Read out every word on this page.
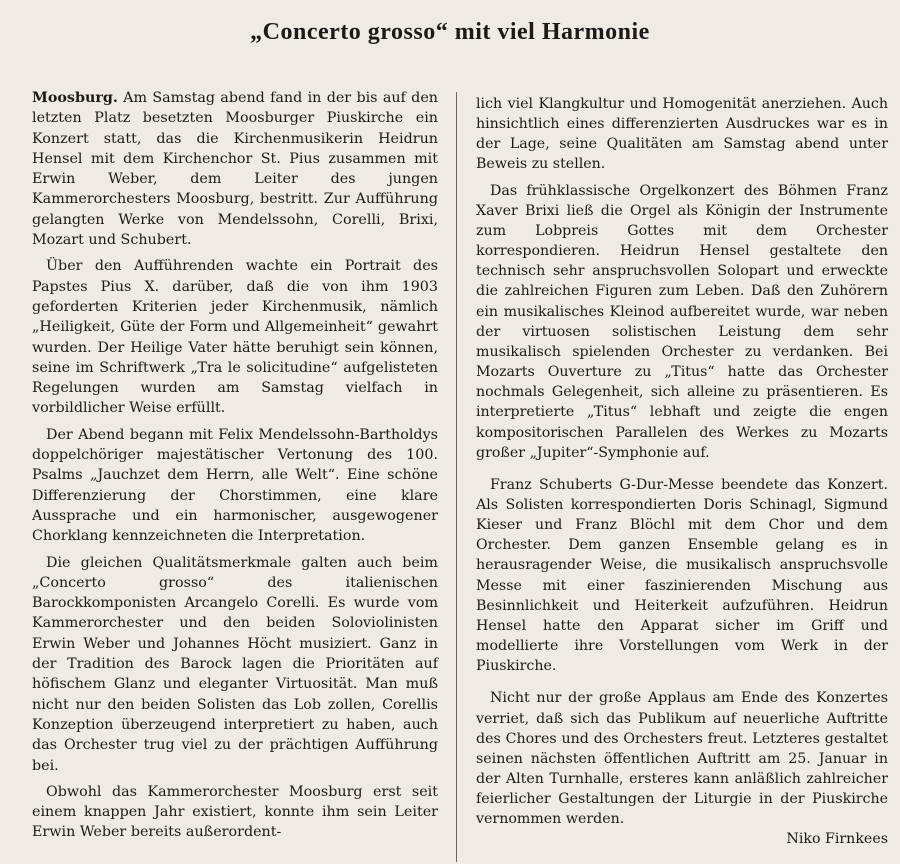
„Concerto grosso“ mit viel Harmonie

Moosburg. Am Samstag abend fand in der bis auf den letzten Platz besetzten Moosburger Piuskirche ein Konzert statt, das die Kirchenmusikerin Heidrun Hensel mit dem Kirchenchor St. Pius zusammen mit Erwin Weber, dem Leiter des jungen Kammerorchesters Moosburg, bestritt. Zur Aufführung gelangten Werke von Mendelssohn, Corelli, Brixi, Mozart und Schubert.

Über den Aufführenden wachte ein Portrait des Papstes Pius X. darüber, daß die von ihm 1903 geforderten Kriterien jeder Kirchenmusik, nämlich „Heiligkeit, Güte der Form und Allgemeinheit“ gewahrt wurden. Der Heilige Vater hätte beruhigt sein können, seine im Schriftwerk „Tra le solicitudine“ aufgelisteten Regelungen wurden am Samstag vielfach in vorbildlicher Weise erfüllt.

Der Abend begann mit Felix Mendelssohn-Bartholdys doppelchöriger majestätischer Vertonung des 100. Psalms „Jauchzet dem Herrn, alle Welt“. Eine schöne Differenzierung der Chorstimmen, eine klare Aussprache und ein harmonischer, ausgewogener Chorklang kennzeichneten die Interpretation.

Die gleichen Qualitätsmerkmale galten auch beim „Concerto grosso“ des italienischen Barockkomponisten Arcangelo Corelli. Es wurde vom Kammerorchester und den beiden Soloviolinisten Erwin Weber und Johannes Höcht musiziert. Ganz in der Tradition des Barock lagen die Prioritäten auf höfischem Glanz und eleganter Virtuosität. Man muß nicht nur den beiden Solisten das Lob zollen, Corellis Konzeption überzeugend interpretiert zu haben, auch das Orchester trug viel zu der prächtigen Aufführung bei.

Obwohl das Kammerorchester Moosburg erst seit einem knappen Jahr existiert, konnte ihm sein Leiter Erwin Weber bereits außerordent-

lich viel Klangkultur und Homogenität anerziehen. Auch hinsichtlich eines differenzierten Ausdruckes war es in der Lage, seine Qualitäten am Samstag abend unter Beweis zu stellen.

Das frühklassische Orgelkonzert des Böhmen Franz Xaver Brixi ließ die Orgel als Königin der Instrumente zum Lobpreis Gottes mit dem Orchester korrespondieren. Heidrun Hensel gestaltete den technisch sehr anspruchsvollen Solopart und erweckte die zahlreichen Figuren zum Leben. Daß den Zuhörern ein musikalisches Kleinod aufbereitet wurde, war neben der virtuosen solistischen Leistung dem sehr musikalisch spielenden Orchester zu verdanken. Bei Mozarts Ouverture zu „Titus“ hatte das Orchester nochmals Gelegenheit, sich alleine zu präsentieren. Es interpretierte „Titus“ lebhaft und zeigte die engen kompositorischen Parallelen des Werkes zu Mozarts großer „Jupiter“-Symphonie auf.

Franz Schuberts G-Dur-Messe beendete das Konzert. Als Solisten korrespondierten Doris Schinagl, Sigmund Kieser und Franz Blöchl mit dem Chor und dem Orchester. Dem ganzen Ensemble gelang es in herausragender Weise, die musikalisch anspruchsvolle Messe mit einer faszinierenden Mischung aus Besinnlichkeit und Heiterkeit aufzuführen. Heidrun Hensel hatte den Apparat sicher im Griff und modellierte ihre Vorstellungen vom Werk in der Piuskirche.

Nicht nur der große Applaus am Ende des Konzertes verriet, daß sich das Publikum auf neuerliche Auftritte des Chores und des Orchesters freut. Letzteres gestaltet seinen nächsten öffentlichen Auftritt am 25. Januar in der Alten Turnhalle, ersteres kann anläßlich zahlreicher feierlicher Gestaltungen der Liturgie in der Piuskirche vernommen werden.
Niko Firnkees
